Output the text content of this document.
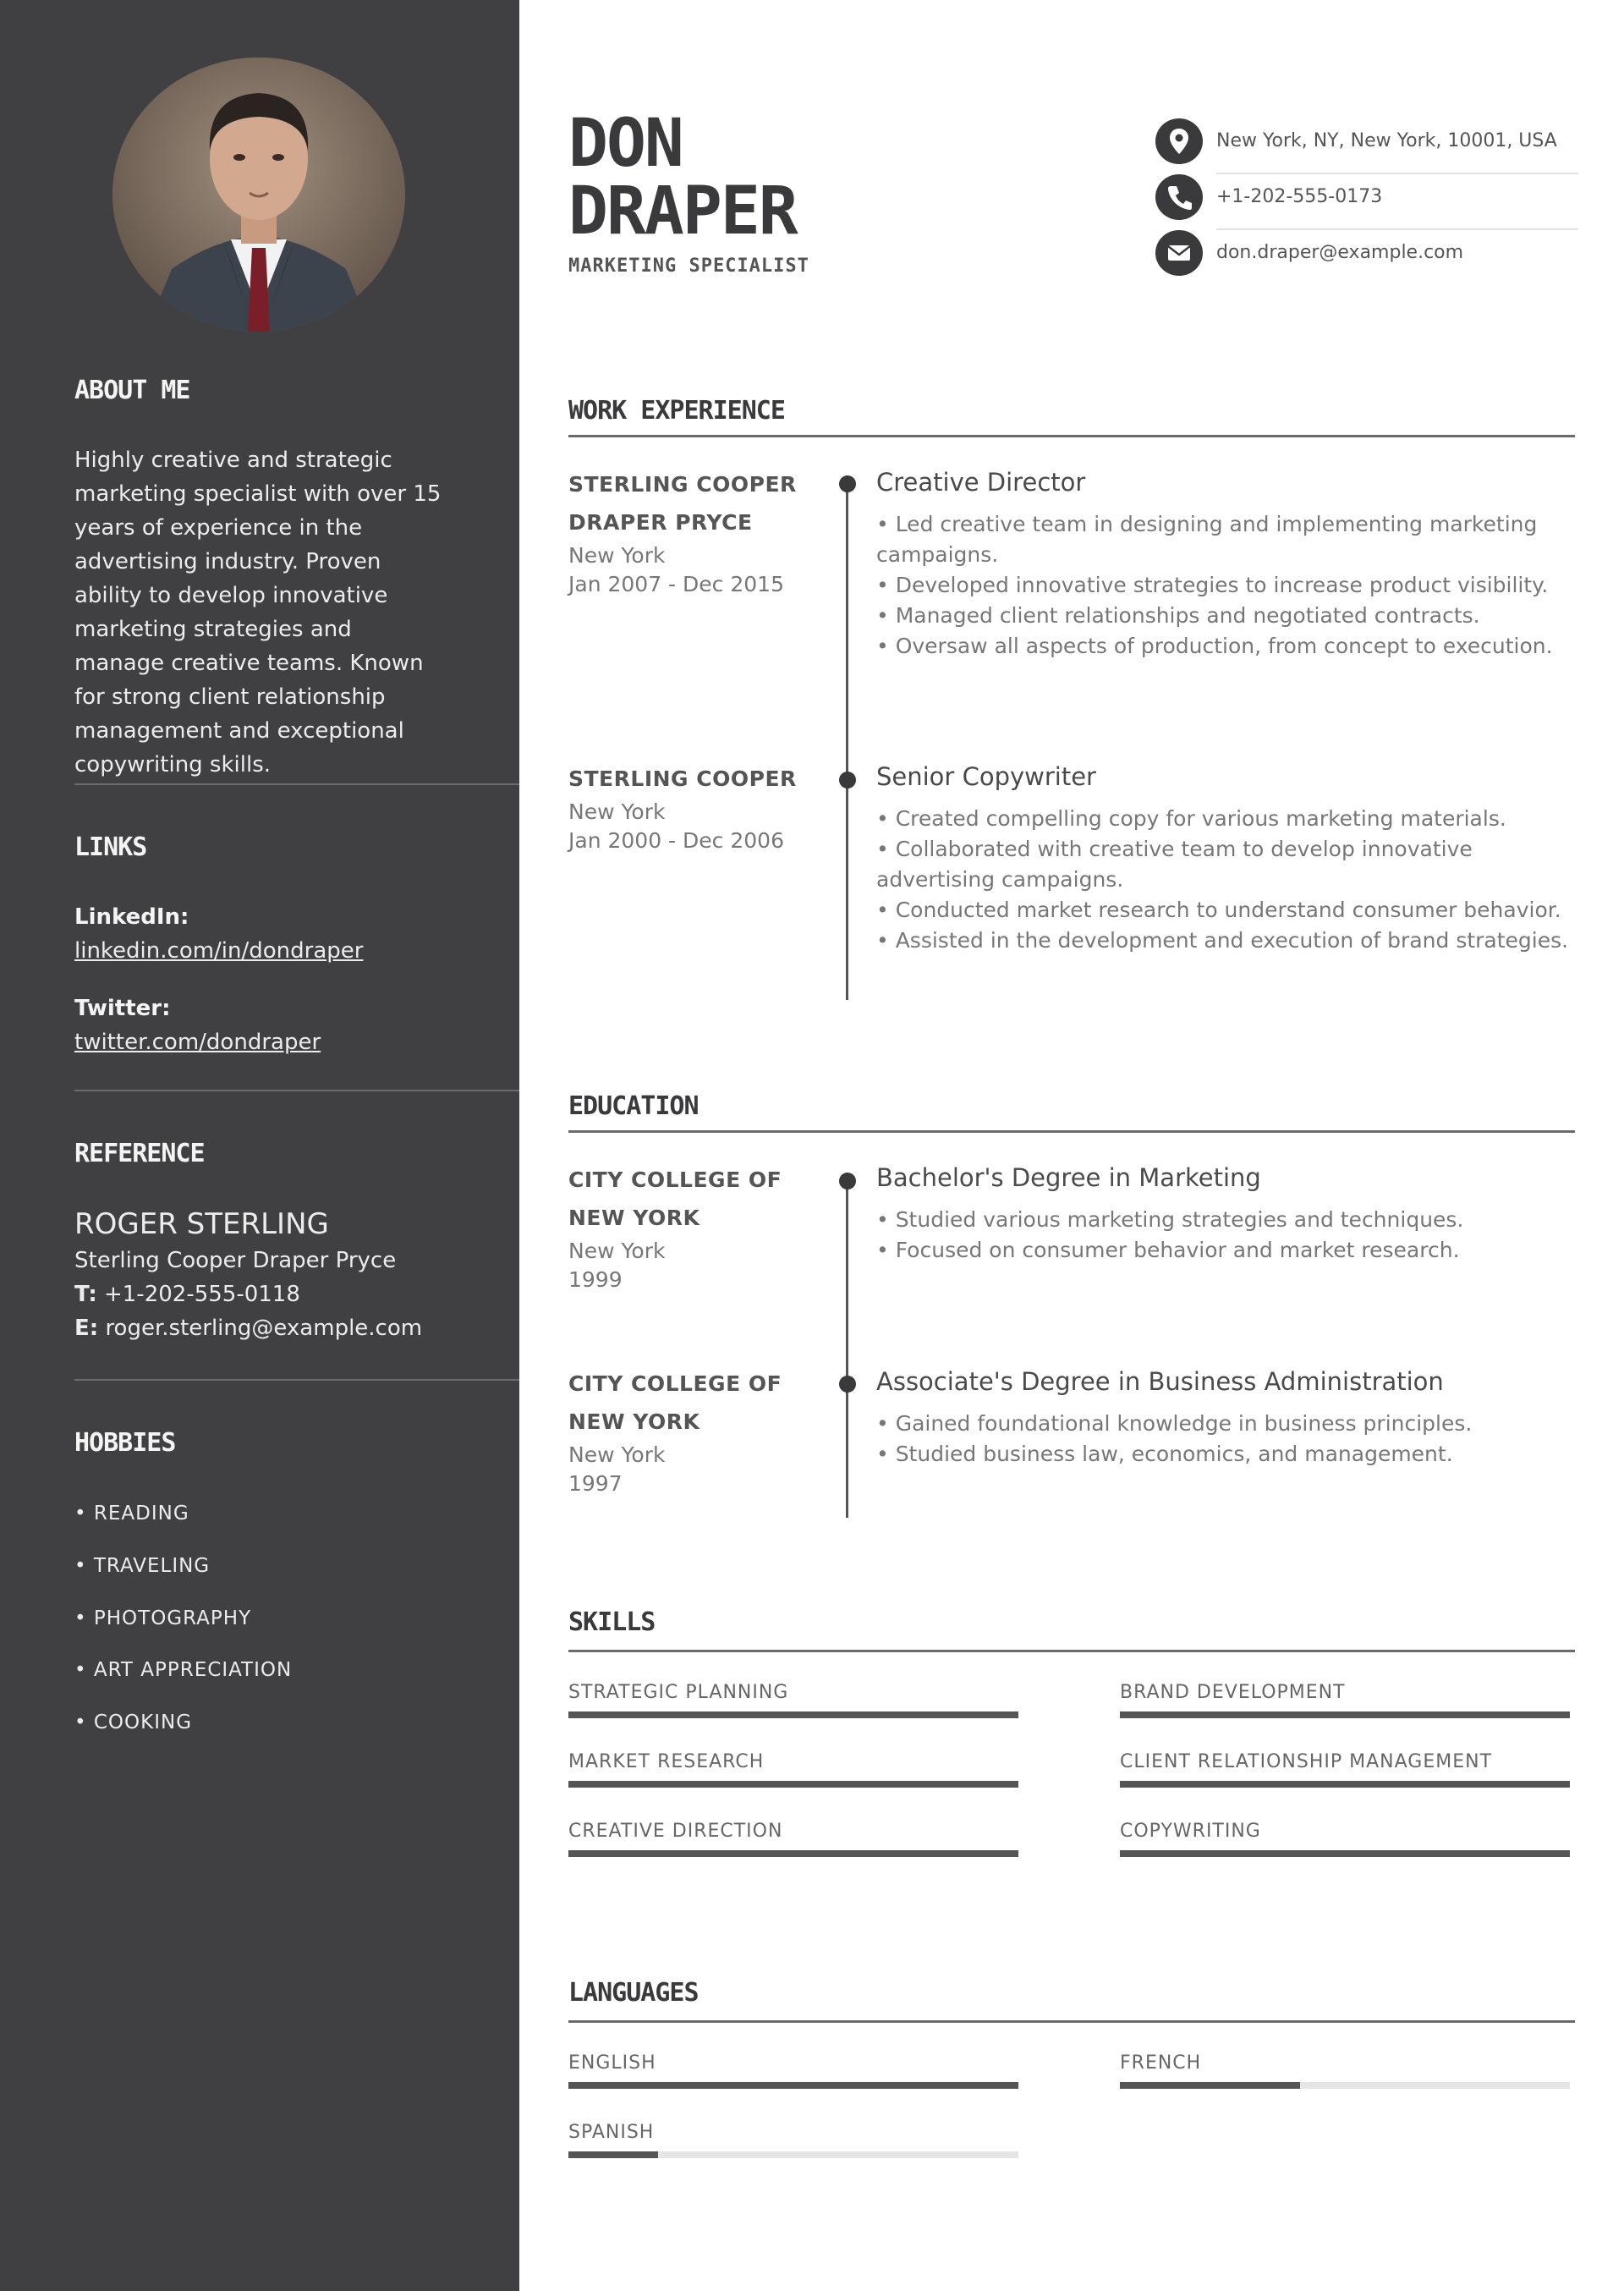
ABOUT ME
Highly creative and strategic marketing specialist with over 15 years of experience in the advertising industry. Proven ability to develop innovative marketing strategies and manage creative teams. Known for strong client relationship management and exceptional copywriting skills.
LINKS
LinkedIn:
linkedin.com/in/dondraper
Twitter:
twitter.com/dondraper
REFERENCE
ROGER STERLING
Sterling Cooper Draper Pryce
T: +1-202-555-0118
E: roger.sterling@example.com
HOBBIES
• READING
• TRAVELING
• PHOTOGRAPHY
• ART APPRECIATION
• COOKING
DON
DRAPER
MARKETING SPECIALIST
New York, NY, New York, 10001, USA
+1-202-555-0173
don.draper@example.com
WORK EXPERIENCE
STERLING COOPER
DRAPER PRYCE
New York
Jan 2007 - Dec 2015
Creative Director
• Led creative team in designing and implementing marketing campaigns.
• Developed innovative strategies to increase product visibility.
• Managed client relationships and negotiated contracts.
• Oversaw all aspects of production, from concept to execution.
STERLING COOPER
New York
Jan 2000 - Dec 2006
Senior Copywriter
• Created compelling copy for various marketing materials.
• Collaborated with creative team to develop innovative advertising campaigns.
• Conducted market research to understand consumer behavior.
• Assisted in the development and execution of brand strategies.
EDUCATION
CITY COLLEGE OF
NEW YORK
New York
1999
Bachelor's Degree in Marketing
• Studied various marketing strategies and techniques.
• Focused on consumer behavior and market research.
CITY COLLEGE OF
NEW YORK
New York
1997
Associate's Degree in Business Administration
• Gained foundational knowledge in business principles.
• Studied business law, economics, and management.
SKILLS
STRATEGIC PLANNING	BRAND DEVELOPMENT
MARKET RESEARCH	CLIENT RELATIONSHIP MANAGEMENT
CREATIVE DIRECTION	COPYWRITING
LANGUAGES
ENGLISH	FRENCH
SPANISH
